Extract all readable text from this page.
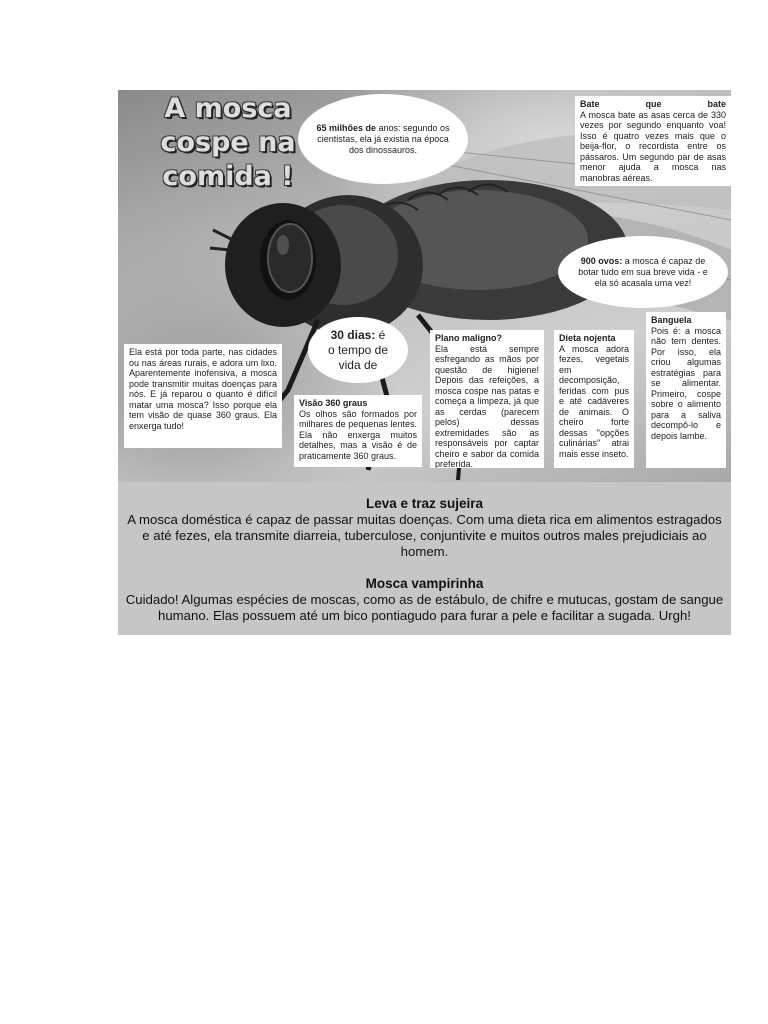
A mosca
cospe na
comida !
65 milhões de anos: segundo os cientistas, ela já existia na época dos dinossauros.
Bate	que	bate
A mosca bate as asas cerca de 330 vezes por segundo enquanto voa! Isso é quatro vezes mais que o beija-flor, o recordista entre os pássaros. Um segundo par de asas menor ajuda a mosca nas manobras aéreas.
900 ovos: a mosca é capaz de botar tudo em sua breve vida - e ela só acasala uma vez!
Banguela
Pois é: a mosca não tem dentes. Por isso, ela criou algumas estratégias para se alimentar. Primeiro, cospe sobre o alimento para a saliva decompô-lo e depois lambe.
Ela está por toda parte, nas cidades ou nas áreas rurais, e adora um lixo. Aparentemente inofensiva, a mosca pode transmitir muitas doenças para nós. E já reparou o quanto é difícil matar uma mosca? Isso porque ela tem visão de quase 360 graus. Ela enxerga tudo!
30 dias: é
o tempo de
vida de
Visão 360 graus
Os olhos são formados por milhares de pequenas lentes. Ela não enxerga muitos detalhes, mas a visão é de praticamente 360 graus.
Plano maligno?
Ela está sempre esfregando as mãos por questão de higiene! Depois das refeições, a mosca cospe nas patas e começa a limpeza, já que as cerdas (parecem pelos) dessas extremidades são as responsáveis por captar cheiro e sabor da comida preferida.
Dieta nojenta
A mosca adora fezes, vegetais em decomposição, feridas com pus e até cadáveres de animais. O cheiro forte dessas "opções culinárias" atrai mais esse inseto.
Leva e traz sujeira

A mosca doméstica é capaz de passar muitas doenças. Com uma dieta rica em alimentos estragados e até fezes, ela transmite diarreia, tuberculose, conjuntivite e muitos outros males prejudiciais ao homem.

Mosca vampirinha

Cuidado! Algumas espécies de moscas, como as de estábulo, de chifre e mutucas, gostam de sangue humano. Elas possuem até um bico pontiagudo para furar a pele e facilitar a sugada. Urgh!
